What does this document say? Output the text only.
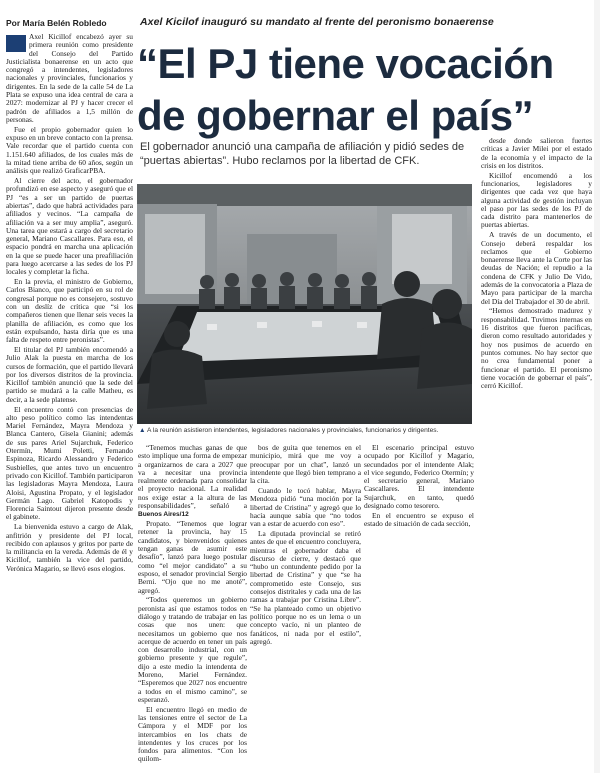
Por María Belén Robledo	Axel Kicilof inauguró su mandato al frente del peronismo bonaerense
“El PJ tiene vocación
de gobernar el país”

El gobernador anunció una campaña de afiliación y pidió sedes de “puertas abiertas”. Hubo reclamos por la libertad de CFK.

Axel Kicillof encabezó ayer su primera reunión como presidente del Consejo del Partido Justicialista bonaerense en un acto que congregó a intendentes, legisladores nacionales y provinciales, funcionarios y dirigentes. En la sede de la calle 54 de La Plata se expuso una idea central de cara a 2027: modernizar al PJ y hacer crecer el padrón de afiliados a 1,5 millón de personas.

Fue el propio gobernador quien lo expuso en un breve contacto con la prensa. Vale recordar que el partido cuenta con 1.151.640 afiliados, de los cuales más de la mitad tiene arriba de 60 años, según un análisis que realizó GraficarPBA.

Al cierre del acto, el gobernador profundizó en ese aspecto y aseguró que el PJ “es a ser un partido de puertas abiertas”, dado que habrá actividades para afiliados y vecinos. “La campaña de afiliación va a ser muy amplia”, aseguró. Una tarea que estará a cargo del secretario general, Mariano Cascallares. Para eso, el espacio pondrá en marcha una aplicación en la que se puede hacer una preafiliación para luego acercarse a las sedes de los PJ locales y completar la ficha.

En la previa, el ministro de Gobierno, Carlos Bianco, que participó en su rol de congresal porque no es consejero, sostuvo con un deslíz de crítica que “si los compañeros tienen que llenar seis veces la planilla de afiliación, es como que los están expulsando, hasta diría que es una falta de respeto entre peronistas”.

El titular del PJ también encomendó a Julio Alak la puesta en marcha de los cursos de formación, que el partido llevará por los diversos distritos de la provincia. Kicillof también anunció que la sede del partido se mudará a la calle Matheu, es decir, a la sede platense.

El encuentro contó con presencias de alto peso político como las intendentas Mariel Fernández, Mayra Mendoza y Blanca Cantero, Gisela Gianini; además de sus pares Ariel Sujarchuk, Federico Otermín, Mumi Poletti, Fernando Espinoza, Ricardo Alessandro y Federico Susbielles, que antes tuvo un encuentro privado con Kicillof. También participaron las legisladoras Mayra Mendoza, Laura Aloisi, Agustina Propato, y el legislador Germán Lago. Gabriel Katopodis y Florencia Saintout dijeron presente desde el gabinete.

La bienvenida estuvo a cargo de Alak, anfitrión y presidente del PJ local, recibido con aplausos y gritos por parte de la militancia en la vereda. Además de él y Kicillof, también la vice del partido, Verónica Magario, se llevó esos elogios.

▲ A la reunión asistieron intendentes, legisladores nacionales y provinciales, funcionarios y dirigentes.

“Tenemos muchas ganas de que esto implique una forma de empezar a organizarnos de cara a 2027 que va a necesitar una provincia realmente ordenada para consolidar el proyecto nacional. La realidad nos exige estar a la altura de las responsabilidades”, señaló a Buenos Aires/12

Propato. “Tenemos que lograr retener la provincia, hay 15 candidatos, y bienvenidos quienes tengan ganas de asumir este desafío”, lanzó para luego postular como “el mejor candidato” a su esposo, el senador provincial Sergio Berni. “Ojo que no me anoté”, agregó.

“Todos queremos un gobierno peronista así que estamos todos en diálogo y tratando de trabajar en las cosas que nos unen: que necesitamos un gobierno que nos acerque de acuerdo en tener un país con desarrollo industrial, con un gobierno presente y que regule”, dijo a este medio la intendenta de Moreno, Mariel Fernández. “Esperemos que 2027 nos encuentre a todos en el mismo camino”, se esperanzó.

El encuentro llegó en medio de las tensiones entre el sector de La Cámpora y el MDF por los intercambios en los chats de intendentes y los cruces por los fondos para alimentos. “Con los quilom-

bos de guita que tenemos en el municipio, mirá que me voy a preocupar por un chat”, lanzó un intendente que llegó bien temprano a la cita.

Cuando le tocó hablar, Mayra Mendoza pidió “una moción por la libertad de Cristina” y agregó que lo hacía aunque sabía que “no todos van a estar de acuerdo con eso”.

La diputada provincial se retiró antes de que el encuentro concluyera, mientras el gobernador daba el discurso de cierre, y destacó que “hubo un contundente pedido por la libertad de Cristina” y que “se ha comprometido este Consejo, sus consejos distritales y cada una de las ramas a trabajar por Cristina Libre”. “Se ha planteado como un objetivo político porque no es un lema o un concepto vacío, ni un planteo de fanáticos, ni nada por el estilo”, agregó.

El escenario principal estuvo ocupado por Kicillof y Magario, secundados por el intendente Alak; el vice segundo, Federico Otermín; y el secretario general, Mariano Cascallares. El intendente Sujarchuk, en tanto, quedó designado como tesorero.

En el encuentro se expuso el estado de situación de cada sección,

desde donde salieron fuertes críticas a Javier Milei por el estado de la economía y el impacto de la crisis en los distritos.

Kicillof encomendó a los funcionarios, legisladores y dirigentes que cada vez que haya alguna actividad de gestión incluyan el paso por las sedes de los PJ de cada distrito para mantenerlos de puertas abiertas.

A través de un documento, el Consejo deberá respaldar los reclamos que el Gobierno bonaerense lleva ante la Corte por las deudas de Nación; el repudio a la condena de CFK y Julio De Vido, además de la convocatoria a Plaza de Mayo para participar de la marcha del Día del Trabajador el 30 de abril.

“Hemos demostrado madurez y responsabilidad. Tuvimos internas en 16 distritos que fueron pacíficas, dieron como resultado autoridades y hoy nos pusimos de acuerdo en puntos comunes. No hay sector que no crea fundamental poner a funcionar el partido. El peronismo tiene vocación de gobernar el país”, cerró Kicillof.
